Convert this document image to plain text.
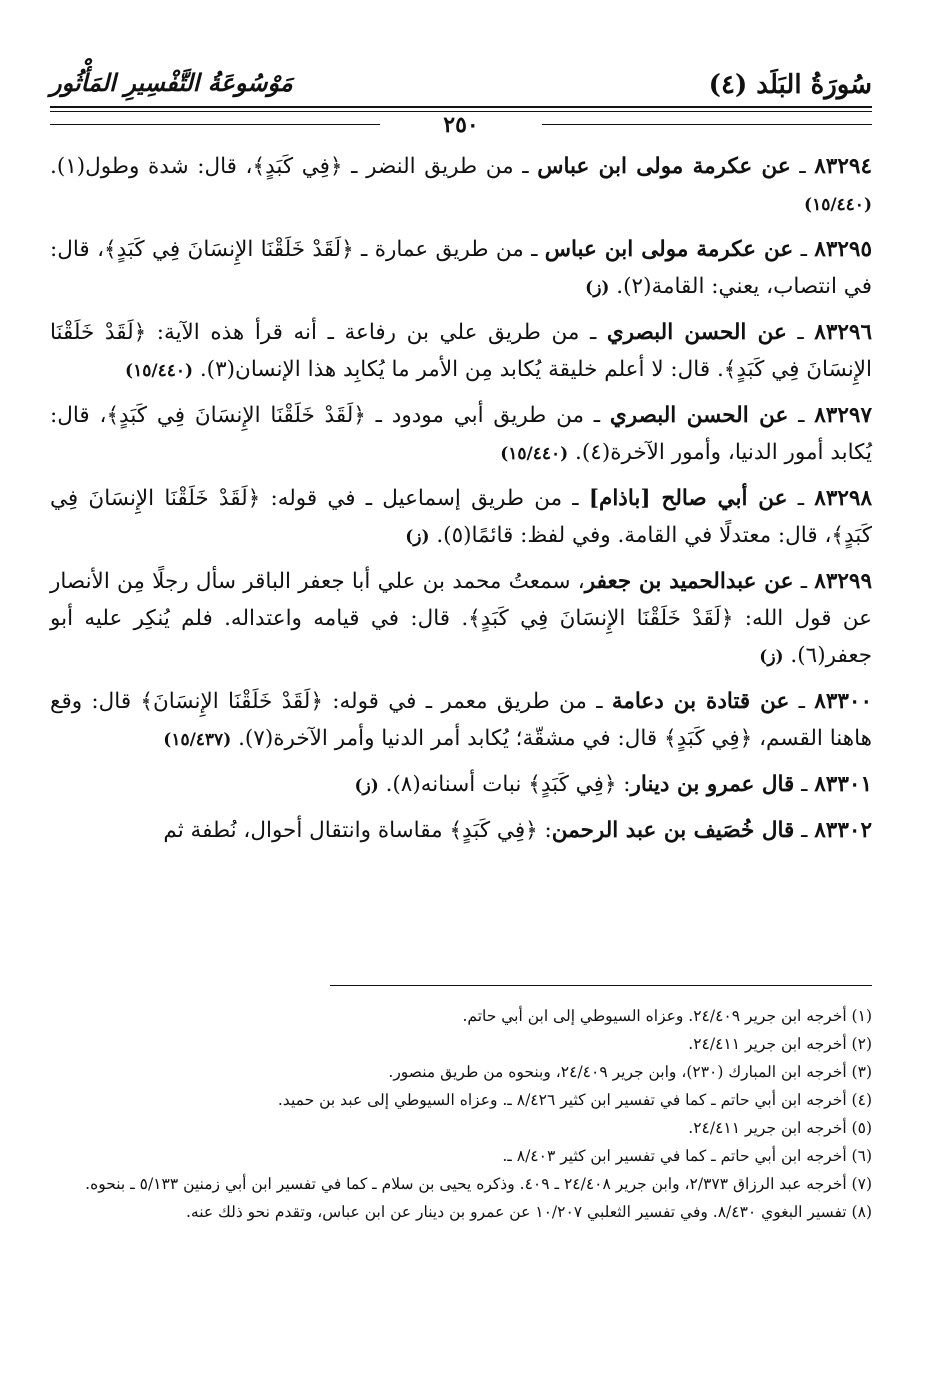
سُورَةُ البَلَد (٤)
مَوْسُوعَةُ التَّفْسِيرِ المَأْثُور
٢٥٠

٨٣٢٩٤ ـ عن عكرمة مولى ابن عباس ـ من طريق النضر ـ ﴿فِي كَبَدٍ﴾، قال: شدة وطول(١). (١٥/٤٤٠)

٨٣٢٩٥ ـ عن عكرمة مولى ابن عباس ـ من طريق عمارة ـ ﴿لَقَدْ خَلَقْنَا الإِنسَانَ فِي كَبَدٍ﴾، قال: في انتصاب، يعني: القامة(٢). (ز)

٨٣٢٩٦ ـ عن الحسن البصري ـ من طريق علي بن رفاعة ـ أنه قرأ هذه الآية: ﴿لَقَدْ خَلَقْنَا الإِنسَانَ فِي كَبَدٍ﴾. قال: لا أعلم خليقة يُكابد مِن الأمر ما يُكابِد هذا الإنسان(٣). (١٥/٤٤٠)

٨٣٢٩٧ ـ عن الحسن البصري ـ من طريق أبي مودود ـ ﴿لَقَدْ خَلَقْنَا الإِنسَانَ فِي كَبَدٍ﴾، قال: يُكابد أمور الدنيا، وأمور الآخرة(٤). (١٥/٤٤٠)

٨٣٢٩٨ ـ عن أبي صالح [باذام] ـ من طريق إسماعيل ـ في قوله: ﴿لَقَدْ خَلَقْنَا الإِنسَانَ فِي كَبَدٍ﴾، قال: معتدلًا في القامة. وفي لفظ: قائمًا(٥). (ز)

٨٣٢٩٩ ـ عن عبدالحميد بن جعفر، سمعتُ محمد بن علي أبا جعفر الباقر سأل رجلًا مِن الأنصار عن قول الله: ﴿لَقَدْ خَلَقْنَا الإِنسَانَ فِي كَبَدٍ﴾. قال: في قيامه واعتداله. فلم يُنكِر عليه أبو جعفر(٦). (ز)

٨٣٣٠٠ ـ عن قتادة بن دعامة ـ من طريق معمر ـ في قوله: ﴿لَقَدْ خَلَقْنَا الإِنسَانَ﴾ قال: وقع هاهنا القسم، ﴿فِي كَبَدٍ﴾ قال: في مشقّة؛ يُكابد أمر الدنيا وأمر الآخرة(٧). (١٥/٤٣٧)

٨٣٣٠١ ـ قال عمرو بن دينار: ﴿فِي كَبَدٍ﴾ نبات أسنانه(٨). (ز)

٨٣٣٠٢ ـ قال خُصَيف بن عبد الرحمن: ﴿فِي كَبَدٍ﴾ مقاساة وانتقال أحوال، نُطفة ثم

(١) أخرجه ابن جرير ٢٤/٤٠٩. وعزاه السيوطي إلى ابن أبي حاتم.

(٢) أخرجه ابن جرير ٢٤/٤١١.

(٣) أخرجه ابن المبارك (٢٣٠)، وابن جرير ٢٤/٤٠٩، وبنحوه من طريق منصور.

(٤) أخرجه ابن أبي حاتم ـ كما في تفسير ابن كثير ٨/٤٢٦ ـ. وعزاه السيوطي إلى عبد بن حميد.

(٥) أخرجه ابن جرير ٢٤/٤١١.

(٦) أخرجه ابن أبي حاتم ـ كما في تفسير ابن كثير ٨/٤٠٣ ـ.

(٧) أخرجه عبد الرزاق ٢/٣٧٣، وابن جرير ٢٤/٤٠٨ ـ ٤٠٩. وذكره يحيى بن سلام ـ كما في تفسير ابن أبي زمنين ٥/١٣٣ ـ بنحوه.

(٨) تفسير البغوي ٨/٤٣٠. وفي تفسير الثعلبي ١٠/٢٠٧ عن عمرو بن دينار عن ابن عباس، وتقدم نحو ذلك عنه.
